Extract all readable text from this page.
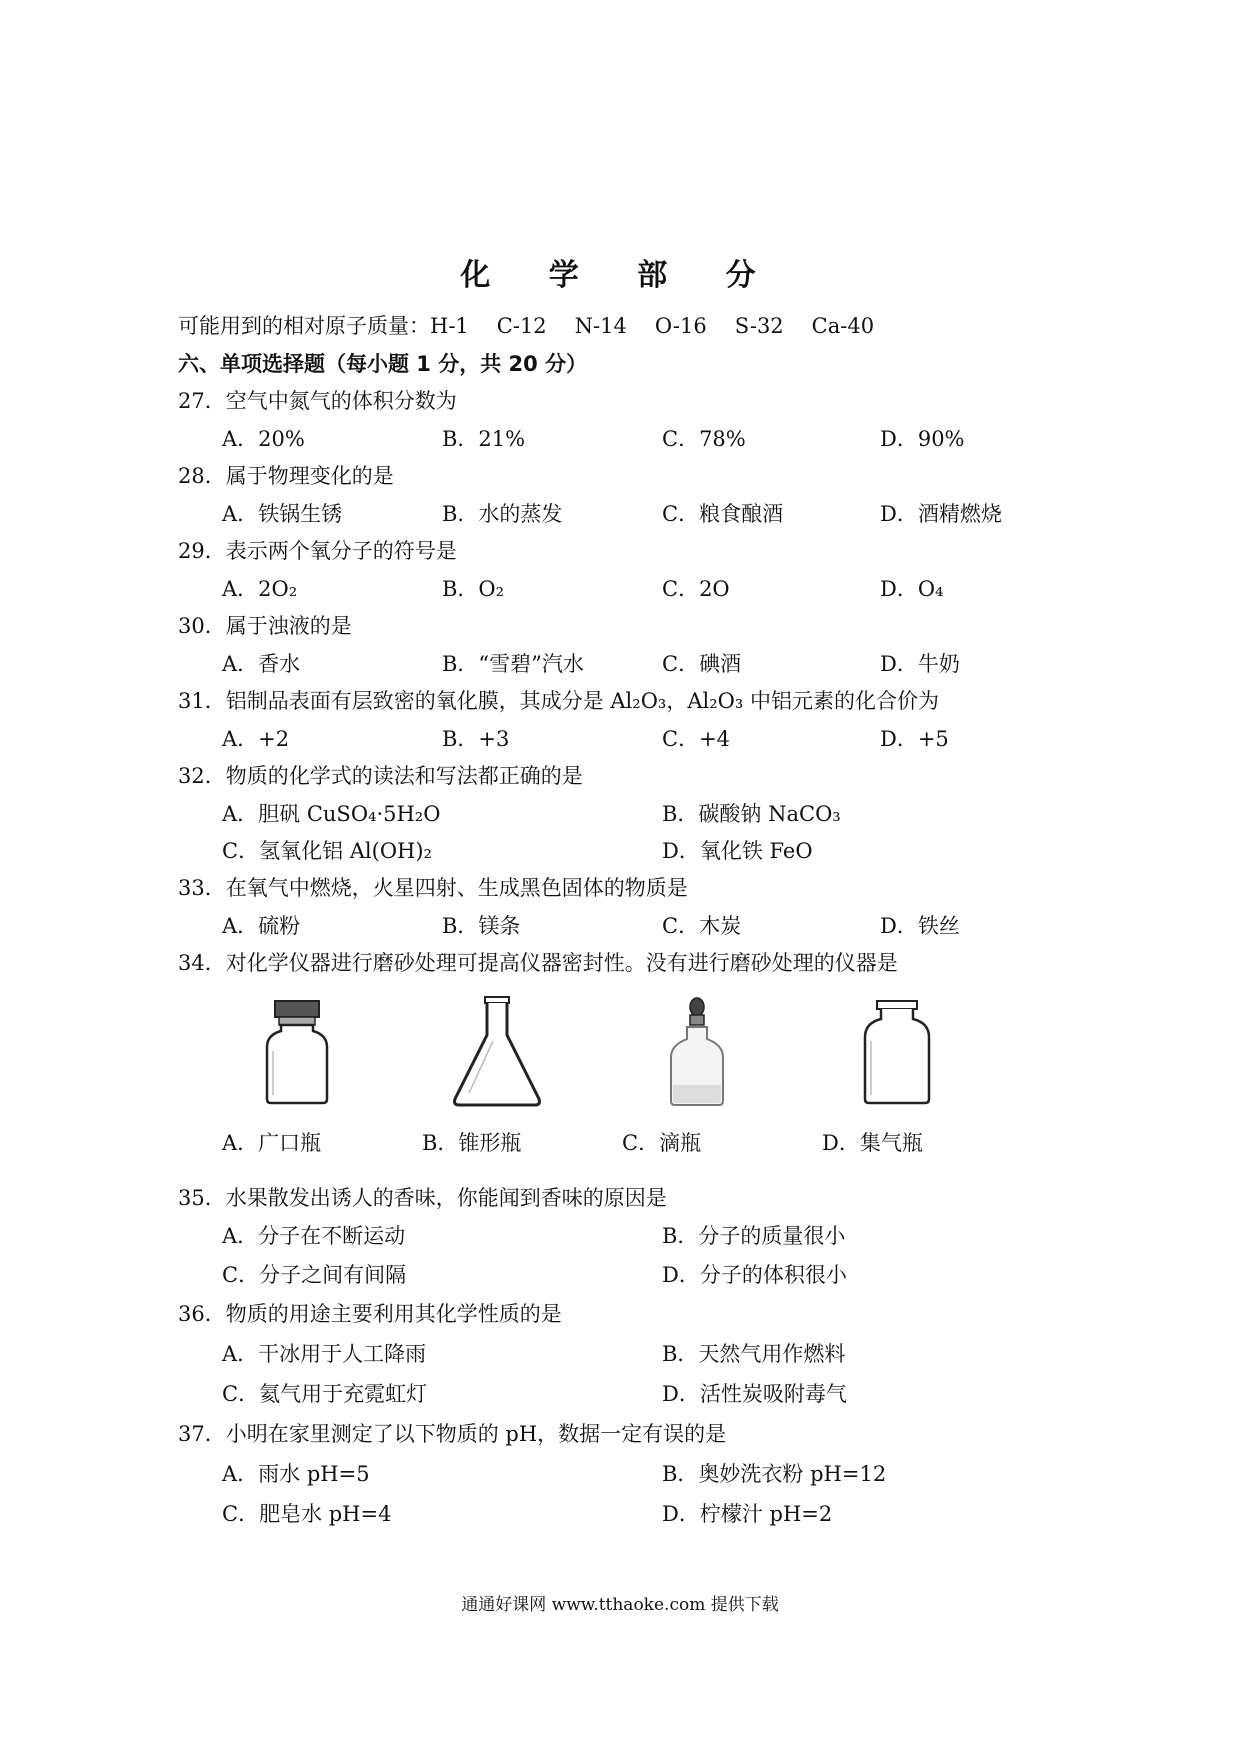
化 学 部 分
可能用到的相对原子质量：H-1 C-12 N-14 O-16 S-32 Ca-40
六、单项选择题（每小题 1 分，共 20 分）
27．空气中氮气的体积分数为
A．20%	B．21%	C．78%	D．90%
28．属于物理变化的是
A．铁锅生锈	B．水的蒸发	C．粮食酿酒	D．酒精燃烧
29．表示两个氧分子的符号是
A．2O₂	B．O₂	C．2O	D．O₄
30．属于浊液的是
A．香水	B．“雪碧”汽水	C．碘酒	D．牛奶
31．铝制品表面有层致密的氧化膜，其成分是 Al₂O₃，Al₂O₃ 中铝元素的化合价为
A．+2	B．+3	C．+4	D．+5
32．物质的化学式的读法和写法都正确的是
A．胆矾 CuSO₄·5H₂O	B．碳酸钠 NaCO₃
C．氢氧化铝 Al(OH)₂	D．氧化铁 FeO
33．在氧气中燃烧，火星四射、生成黑色固体的物质是
A．硫粉	B．镁条	C．木炭	D．铁丝
34．对化学仪器进行磨砂处理可提高仪器密封性。没有进行磨砂处理的仪器是
A．广口瓶	B．锥形瓶	C．滴瓶	D．集气瓶
35．水果散发出诱人的香味，你能闻到香味的原因是
A．分子在不断运动	B．分子的质量很小
C．分子之间有间隔	D．分子的体积很小
36．物质的用途主要利用其化学性质的是
A．干冰用于人工降雨	B．天然气用作燃料
C．氦气用于充霓虹灯	D．活性炭吸附毒气
37．小明在家里测定了以下物质的 pH，数据一定有误的是
A．雨水 pH=5	B．奥妙洗衣粉 pH=12
C．肥皂水 pH=4	D．柠檬汁 pH=2
通通好课网 www.tthaoke.com 提供下载
